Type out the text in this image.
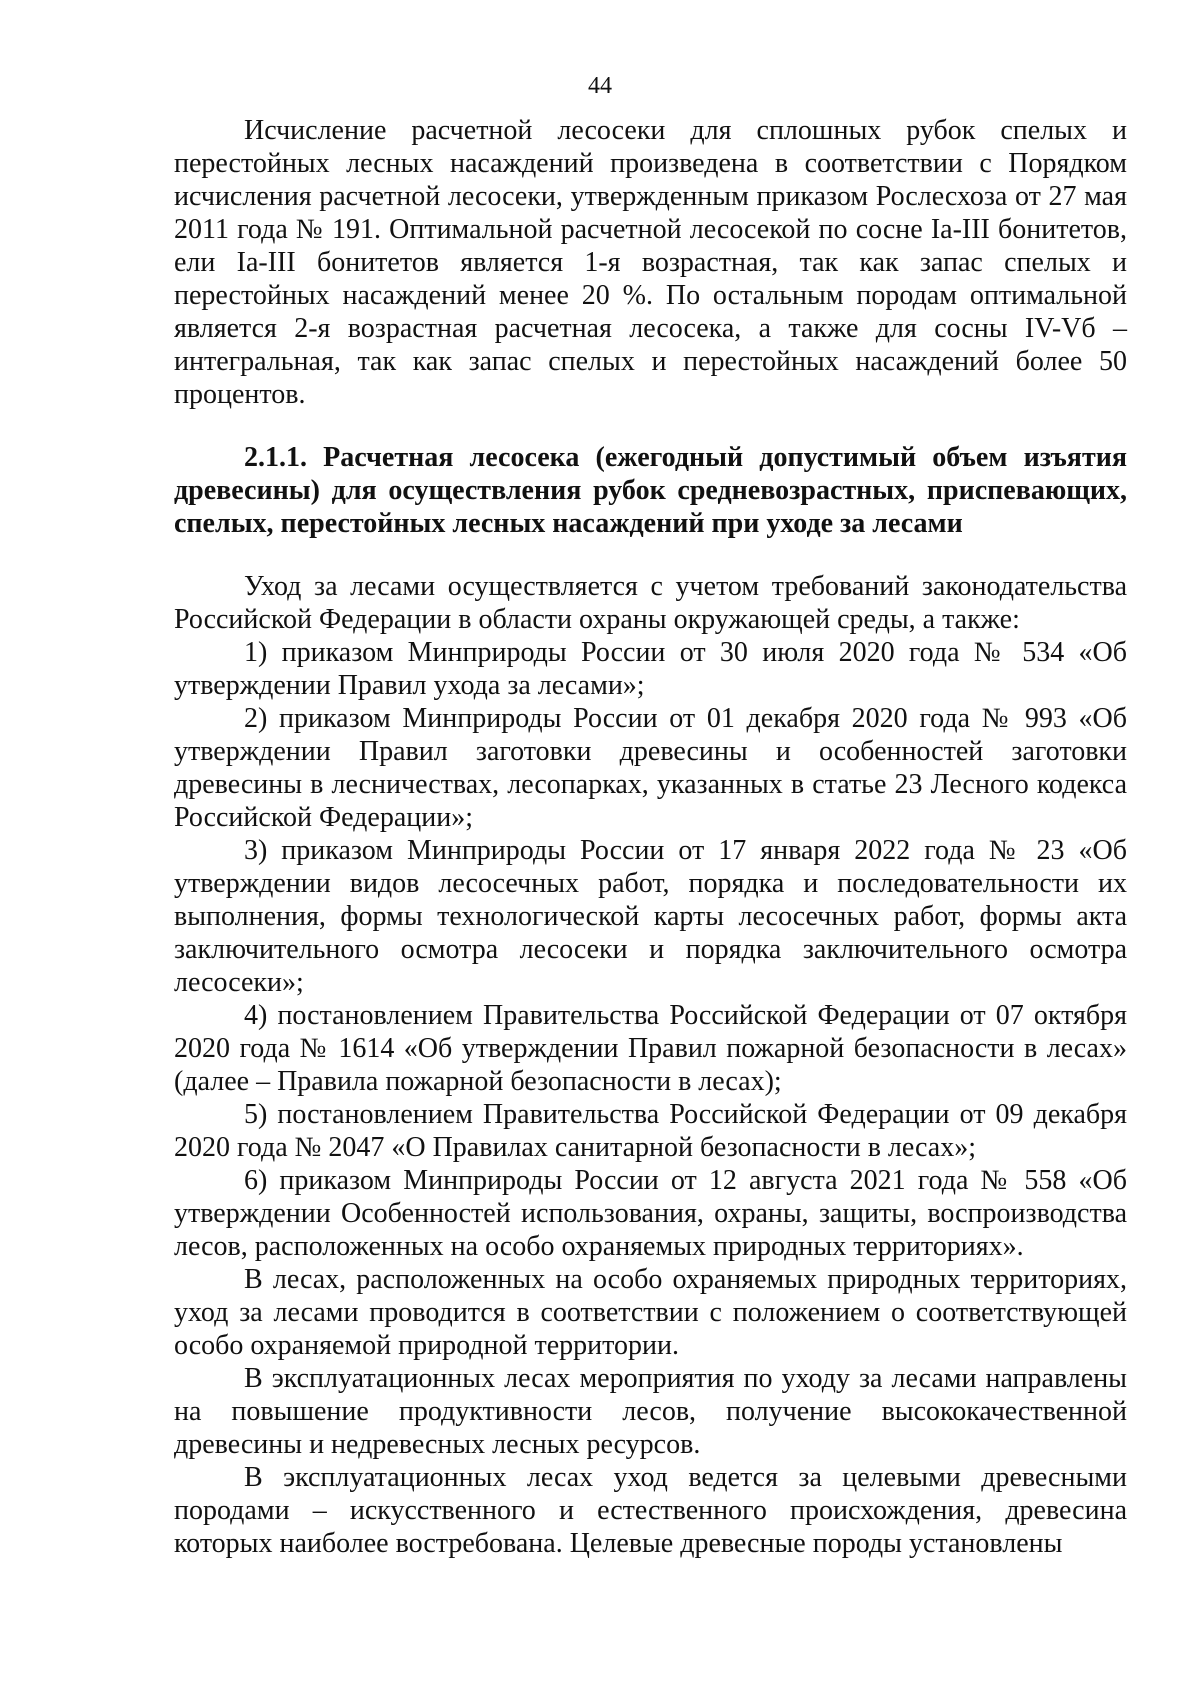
44

Исчисление расчетной лесосеки для сплошных рубок спелых и перестойных лесных насаждений произведена в соответствии с Порядком исчисления расчетной лесосеки, утвержденным приказом Рослесхоза от 27 мая 2011 года № 191. Оптимальной расчетной лесосекой по сосне Ia-III бонитетов, ели Ia-III бонитетов является 1-я возрастная, так как запас спелых и перестойных насаждений менее 20 %. По остальным породам оптимальной является 2-я возрастная расчетная лесосека, а также для сосны IV-Vб – интегральная, так как запас спелых и перестойных насаждений более 50 процентов.

2.1.1. Расчетная лесосека (ежегодный допустимый объем изъятия древесины) для осуществления рубок средневозрастных, приспевающих, спелых, перестойных лесных насаждений при уходе за лесами

Уход за лесами осуществляется с учетом требований законодательства Российской Федерации в области охраны окружающей среды, а также:

1) приказом Минприроды России от 30 июля 2020 года № 534 «Об утверждении Правил ухода за лесами»;

2) приказом Минприроды России от 01 декабря 2020 года № 993 «Об утверждении Правил заготовки древесины и особенностей заготовки древесины в лесничествах, лесопарках, указанных в статье 23 Лесного кодекса Российской Федерации»;

3) приказом Минприроды России от 17 января 2022 года № 23 «Об утверждении видов лесосечных работ, порядка и последовательности их выполнения, формы технологической карты лесосечных работ, формы акта заключительного осмотра лесосеки и порядка заключительного осмотра лесосеки»;

4) постановлением Правительства Российской Федерации от 07 октября 2020 года № 1614 «Об утверждении Правил пожарной безопасности в лесах» (далее – Правила пожарной безопасности в лесах);

5) постановлением Правительства Российской Федерации от 09 декабря 2020 года № 2047 «О Правилах санитарной безопасности в лесах»;

6) приказом Минприроды России от 12 августа 2021 года № 558 «Об утверждении Особенностей использования, охраны, защиты, воспроизводства лесов, расположенных на особо охраняемых природных территориях».

В лесах, расположенных на особо охраняемых природных территориях, уход за лесами проводится в соответствии с положением о соответствующей особо охраняемой природной территории.

В эксплуатационных лесах мероприятия по уходу за лесами направлены на повышение продуктивности лесов, получение высококачественной древесины и недревесных лесных ресурсов.

В эксплуатационных лесах уход ведется за целевыми древесными породами – искусственного и естественного происхождения, древесина которых наиболее востребована. Целевые древесные породы установлены
